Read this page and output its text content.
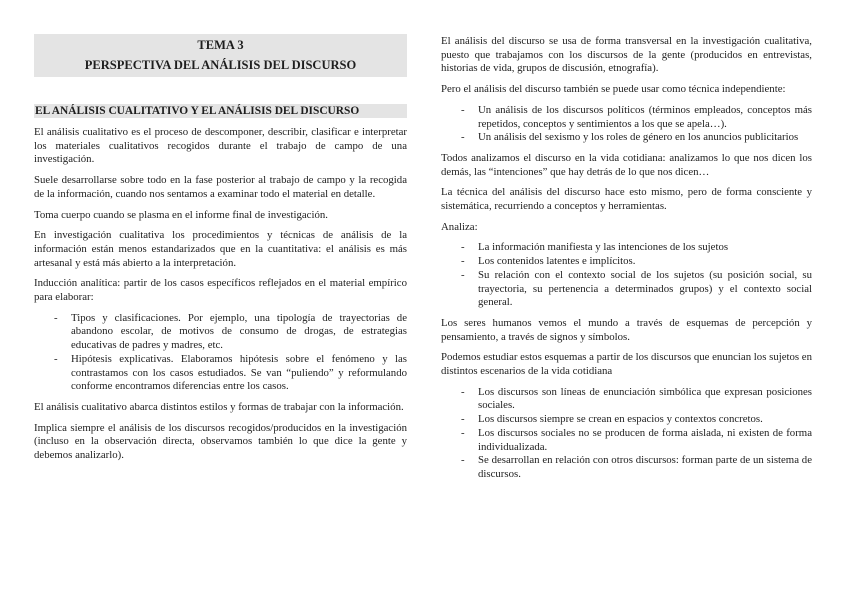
TEMA 3
PERSPECTIVA DEL ANÁLISIS DEL DISCURSO
EL ANÁLISIS CUALITATIVO Y EL ANÁLISIS DEL DISCURSO

El análisis cualitativo es el proceso de descomponer, describir, clasificar e interpretar los materiales cualitativos recogidos durante el trabajo de campo de una investigación.

Suele desarrollarse sobre todo en la fase posterior al trabajo de campo y la recogida de la información, cuando nos sentamos a examinar todo el material en detalle.

Toma cuerpo cuando se plasma en el informe final de investigación.

En investigación cualitativa los procedimientos y técnicas de análisis de la información están menos estandarizados que en la cuantitativa: el análisis es más artesanal y está más abierto a la interpretación.

Inducción analítica: partir de los casos específicos reflejados en el material empírico para elaborar:

- Tipos y clasificaciones. Por ejemplo, una tipología de trayectorias de abandono escolar, de motivos de consumo de drogas, de estrategias educativas de padres y madres, etc.
- Hipótesis explicativas. Elaboramos hipótesis sobre el fenómeno y las contrastamos con los casos estudiados. Se van “puliendo” y reformulando conforme encontramos diferencias entre los casos.

El análisis cualitativo abarca distintos estilos y formas de trabajar con la información.

Implica siempre el análisis de los discursos recogidos/producidos en la investigación (incluso en la observación directa, observamos también lo que dice la gente y debemos analizarlo).

El análisis del discurso se usa de forma transversal en la investigación cualitativa, puesto que trabajamos con los discursos de la gente (producidos en entrevistas, historias de vida, grupos de discusión, etnografía).

Pero el análisis del discurso también se puede usar como técnica independiente:

- Un análisis de los discursos políticos (términos empleados, conceptos más repetidos, conceptos y sentimientos a los que se apela…).
- Un análisis del sexismo y los roles de género en los anuncios publicitarios

Todos analizamos el discurso en la vida cotidiana: analizamos lo que nos dicen los demás, las “intenciones” que hay detrás de lo que nos dicen…

La técnica del análisis del discurso hace esto mismo, pero de forma consciente y sistemática, recurriendo a conceptos y herramientas.

Analiza:

- La información manifiesta y las intenciones de los sujetos
- Los contenidos latentes e implícitos.
- Su relación con el contexto social de los sujetos (su posición social, su trayectoria, su pertenencia a determinados grupos) y el contexto social general.

Los seres humanos vemos el mundo a través de esquemas de percepción y pensamiento, a través de signos y símbolos.

Podemos estudiar estos esquemas a partir de los discursos que enuncian los sujetos en distintos escenarios de la vida cotidiana

- Los discursos son líneas de enunciación simbólica que expresan posiciones sociales.
- Los discursos siempre se crean en espacios y contextos concretos.
- Los discursos sociales no se producen de forma aislada, ni existen de forma individualizada.
- Se desarrollan en relación con otros discursos: forman parte de un sistema de discursos.
